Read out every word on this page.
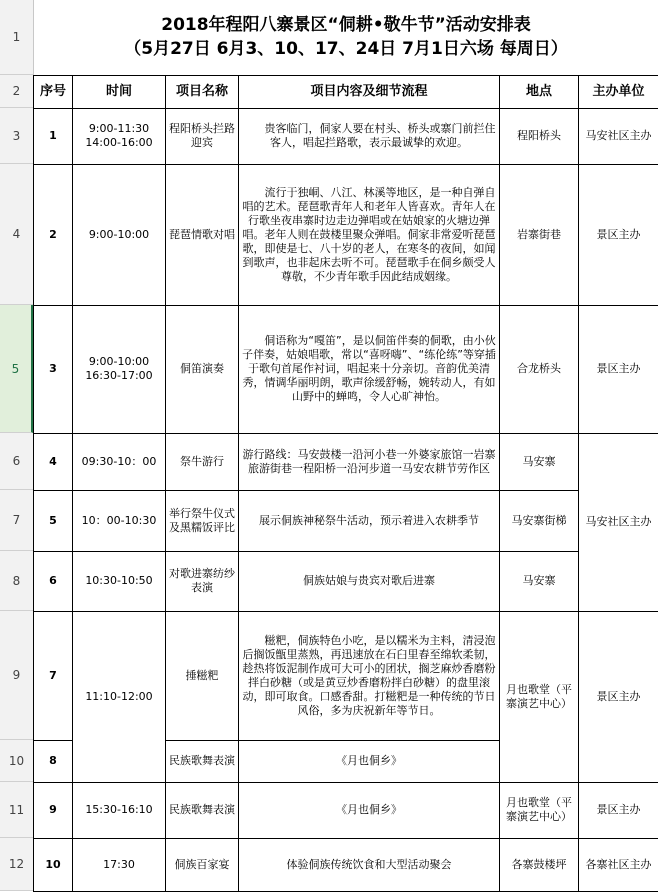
1
2
3
4
5
6
7
8
9
10
11
12
2018年程阳八寨景区“侗耕•敬牛节”活动安排表
（5月27日 6月3、10、17、24日 7月1日六场 每周日）					

序号	时间	项目名称	项目内容及细节流程	地点	主办单位
1	9:00-11:30
14:00-16:00	程阳桥头拦路迎宾	贵客临门，侗家人要在村头、桥头或寨门前拦住客人，唱起拦路歌，表示最诚挚的欢迎。	程阳桥头	马安社区主办
2	9:00-10:00	琵琶情歌对唱	流行于独峒、八江、林溪等地区，是一种自弹自唱的艺术。琵琶歌青年人和老年人皆喜欢。青年人在行歌坐夜串寨时边走边弹唱或在姑娘家的火塘边弹唱。老年人则在鼓楼里聚众弹唱。侗家非常爱听琵琶歌，即使是七、八十岁的老人，在寒冬的夜间，如闻到歌声，也非起床去听不可。琵琶歌手在侗乡颇受人尊敬，不少青年歌手因此结成姻缘。	岩寨街巷	景区主办
3	9:00-10:00
16:30-17:00	侗笛演奏	侗语称为“嘎笛”，是以侗笛伴奏的侗歌，由小伙子伴奏，姑娘唱歌，常以“喜呀嗨”、“练伦练”等穿插于歌句首尾作衬词，唱起来十分亲切。音韵优美清秀，情调华丽明朗，歌声徐缓舒畅，婉转动人，有如山野中的蝉鸣，令人心旷神怡。	合龙桥头	景区主办
4	09:30-10：00	祭牛游行	游行路线：马安鼓楼一沿河小巷一外婆家旅馆一岩寨旅游街巷一程阳桥一沿河步道一马安农耕节劳作区	马安寨	马安社区主办
5	10：00-10:30	举行祭牛仪式及黑糯饭评比	展示侗族神秘祭牛活动，预示着进入农耕季节	马安寨街梯	
6	10:30-10:50	对歌进寨纺纱表演	侗族姑娘与贵宾对歌后进寨	马安寨	
7	11:10-12:00	捶糍粑	糍粑，侗族特色小吃，是以糯米为主料，清浸泡后搁饭甑里蒸熟，再迅速放在石臼里舂至绵软柔韧，趁热将饭泥制作成可大可小的团状，搁芝麻炒香磨粉拌白砂糖（或是黄豆炒香磨粉拌白砂糖）的盘里滚动，即可取食。口感香甜。打糍粑是一种传统的节日风俗，多为庆祝新年等节日。	月也歌堂（平寨演艺中心）	景区主办
8		民族歌舞表演	《月也侗乡》		
9	15:30-16:10	民族歌舞表演	《月也侗乡》	月也歌堂（平寨演艺中心）	景区主办
10	17:30	侗族百家宴	体验侗族传统饮食和大型活动聚会	各寨鼓楼坪	各寨社区主办
